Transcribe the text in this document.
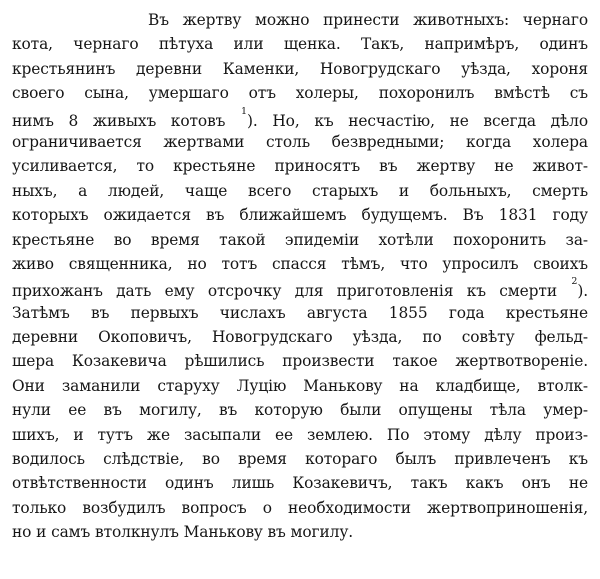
Въ жертву можно принести животныхъ: чернаго
кота, чернаго пѣтуха или щенка. Такъ, напримѣръ, одинъ
крестьянинъ деревни Каменки, Новогрудскаго уѣзда, хороня
своего сына, умершаго отъ холеры, похоронилъ вмѣстѣ съ
нимъ 8 живыхъ котовъ $^1$). Но, къ несчастію, не всегда дѣло
ограничивается жертвами столь безвредными; когда холера
усиливается, то крестьяне приносятъ въ жертву не живот-
ныхъ, а людей, чаще всего старыхъ и больныхъ, смерть
которыхъ ожидается въ ближайшемъ будущемъ. Въ 1831 году
крестьяне во время такой эпидеміи хотѣли похоронить за-
живо священника, но тотъ спасся тѣмъ, что упросилъ своихъ
прихожанъ дать ему отсрочку для приготовленія къ смерти $^2$).
Затѣмъ въ первыхъ числахъ августа 1855 года крестьяне
деревни Окоповичъ, Новогрудскаго уѣзда, по совѣту фельд-
шера Козакевича рѣшились произвести такое жертвотвореніе.
Они заманили старуху Луцію Маньковy на кладбище, втолк-
нули ее въ могилу, въ которую были опущены тѣла умер-
шихъ, и тутъ же засыпали ее землею. По этому дѣлу произ-
водилось слѣдствіе, во время котораго былъ привлеченъ къ
отвѣтственности одинъ лишь Козакевичъ, такъ какъ онъ не
только возбудилъ вопросъ о необходимости жертвоприношенія,
но и самъ втолкнулъ Маньковy въ могилу.
